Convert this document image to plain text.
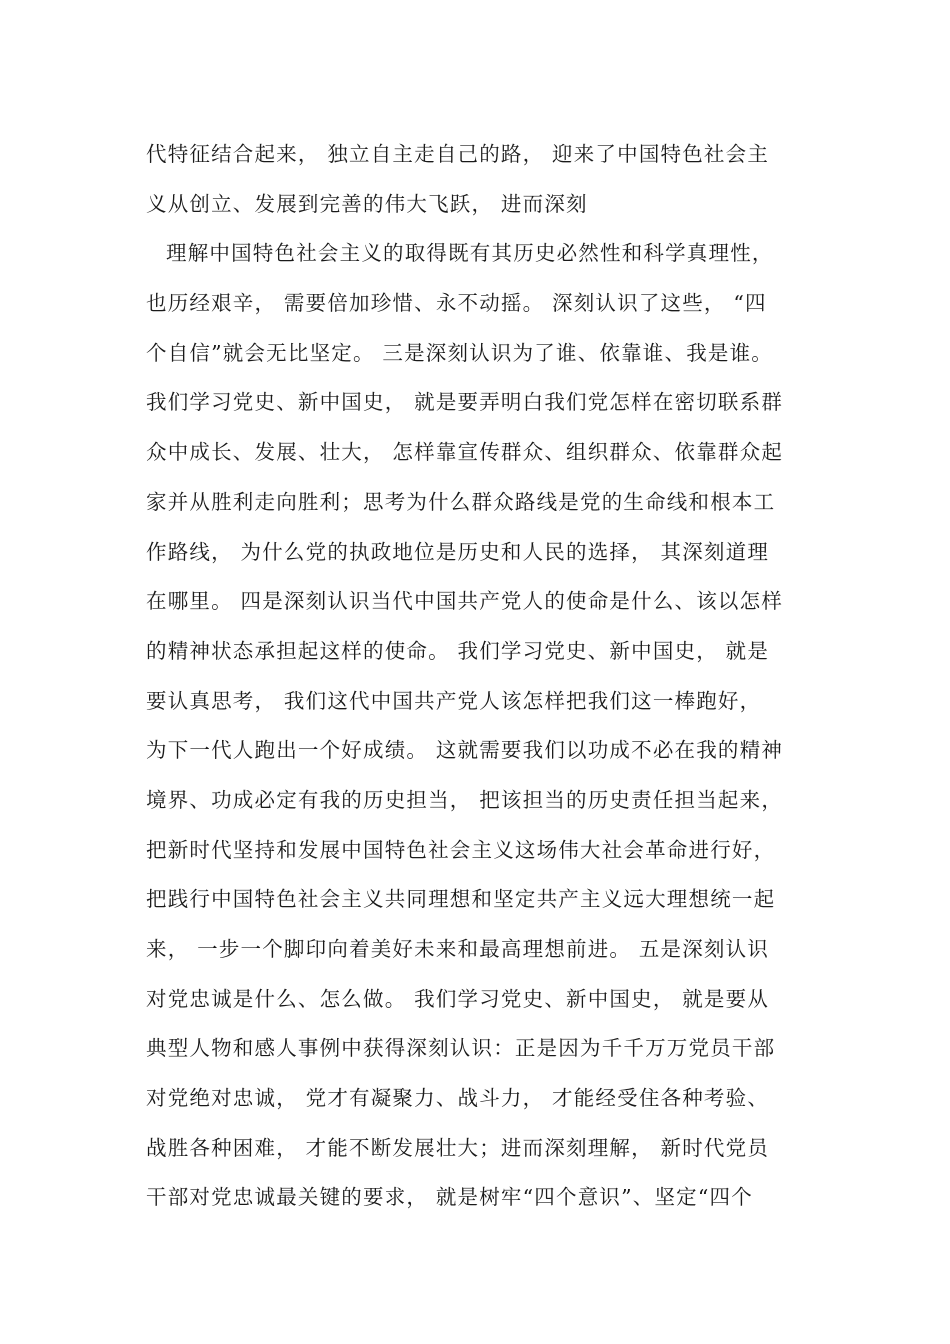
代特征结合起来， 独立自主走自己的路， 迎来了中国特色社会主
义从创立、发展到完善的伟大飞跃， 进而深刻
理解中国特色社会主义的取得既有其历史必然性和科学真理性，
也历经艰辛， 需要倍加珍惜、永不动摇。 深刻认识了这些， “四
个自信”就会无比坚定。 三是深刻认识为了谁、依靠谁、我是谁。
我们学习党史、新中国史， 就是要弄明白我们党怎样在密切联系群
众中成长、发展、壮大， 怎样靠宣传群众、组织群众、依靠群众起
家并从胜利走向胜利；思考为什么群众路线是党的生命线和根本工
作路线， 为什么党的执政地位是历史和人民的选择， 其深刻道理
在哪里。 四是深刻认识当代中国共产党人的使命是什么、该以怎样
的精神状态承担起这样的使命。 我们学习党史、新中国史， 就是
要认真思考， 我们这代中国共产党人该怎样把我们这一棒跑好，
为下一代人跑出一个好成绩。 这就需要我们以功成不必在我的精神
境界、功成必定有我的历史担当， 把该担当的历史责任担当起来，
把新时代坚持和发展中国特色社会主义这场伟大社会革命进行好，
把践行中国特色社会主义共同理想和坚定共产主义远大理想统一起
来， 一步一个脚印向着美好未来和最高理想前进。 五是深刻认识
对党忠诚是什么、怎么做。 我们学习党史、新中国史， 就是要从
典型人物和感人事例中获得深刻认识：正是因为千千万万党员干部
对党绝对忠诚， 党才有凝聚力、战斗力， 才能经受住各种考验、
战胜各种困难， 才能不断发展壮大；进而深刻理解， 新时代党员
干部对党忠诚最关键的要求， 就是树牢“四个意识”、坚定“四个
